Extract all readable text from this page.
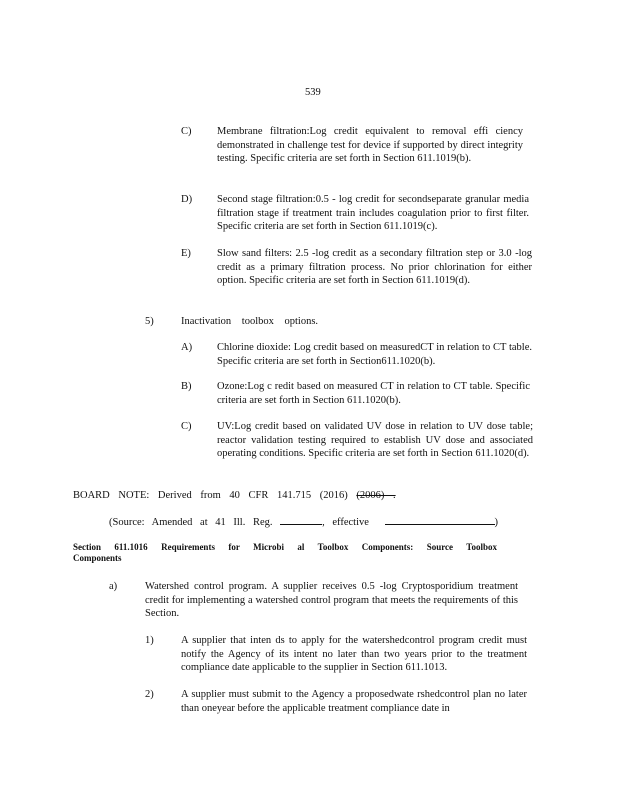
539
C) Membrane filtration:Log credit equivalent to removal effi ciency demonstrated in challenge test for device if supported by direct integrity testing. Specific criteria are set forth in Section 611.1019(b).
D) Second stage filtration:0.5 - log credit for secondseparate granular media filtration stage if treatment train includes coagulation prior to first filter. Specific criteria are set forth in Section 611.1019(c).
E) Slow sand filters: 2.5 -log credit as a secondary filtration step or 3.0 -log credit as a primary filtration process. No prior chlorination for either option. Specific criteria are set forth in Section 611.1019(d).
5)	Inactivation toolbox options.
A) Chlorine dioxide: Log credit based on measuredCT in relation to CT table. Specific criteria are set forth in Section611.1020(b).
B) Ozone:Log c redit based on measured CT in relation to CT table. Specific criteria are set forth in Section 611.1020(b).
C) UV:Log credit based on validated UV dose in relation to UV dose table; reactor validation testing required to establish UV dose and associated operating conditions. Specific criteria are set forth in Section 611.1020(d).
BOARD NOTE: Derived from 40 CFR 141.715 (2016) (2006) .
(Source: Amended at 41 Ill. Reg.	, effective	)
Section 611.1016 Requirements for Microbi al Toolbox Components: Source Toolbox
Components
a)	Watershed control program. A supplier receives 0.5 -log Cryptosporidium treatment credit for implementing a watershed control program that meets the requirements of this Section.
1)	A supplier that inten ds to apply for the watershedcontrol program credit must notify the Agency of its intent no later than two years prior to the treatment compliance date applicable to the supplier in Section 611.1013.
2)	A supplier must submit to the Agency a proposedwate rshedcontrol plan no later than oneyear before the applicable treatment compliance date in
